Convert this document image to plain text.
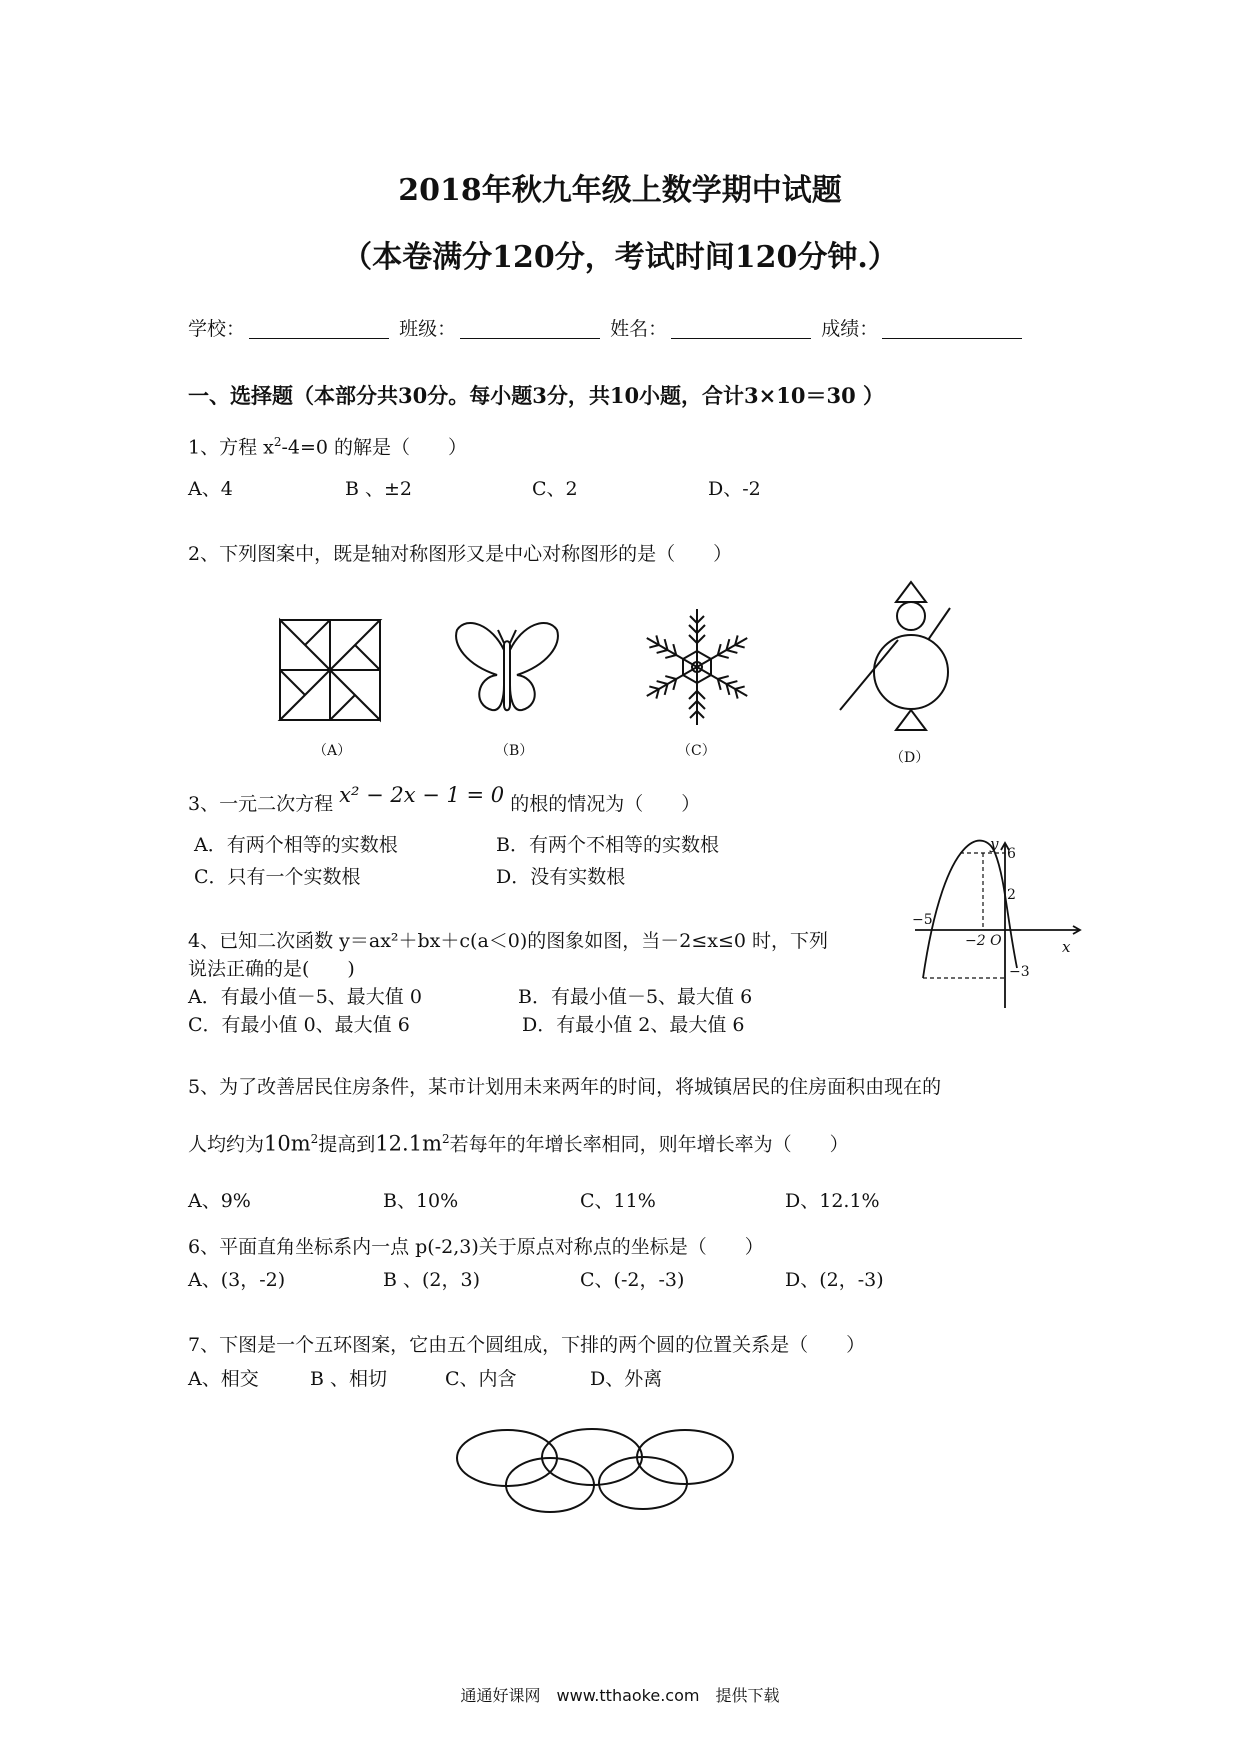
2018年秋九年级上数学期中试题
（本卷满分120分，考试时间120分钟.）
学校：	班级：	姓名：	成绩：
一、选择题（本部分共30分。每小题3分，共10小题，合计3×10＝30 ）
1、方程 $x^2-4=0$ 的解是（　　）
A、4	B 、±2	C、2	D、-2
2、下列图案中，既是轴对称图形又是中心对称图形的是（　　）
（A）	（B）	（C）	（D）
3、一元二次方程 x² − 2x − 1 = 0 的根的情况为（　　）
A．有两个相等的实数根	B．有两个不相等的实数根
C．只有一个实数根	D．没有实数根
y
x
6
2
−5
−2 O
−3
4、已知二次函数 y＝ax²＋bx＋c(a＜0)的图象如图，当－2≤x≤0 时，下列
说法正确的是(　　)
A．有最小值－5、最大值 0	B．有最小值－5、最大值 6
C．有最小值 0、最大值 6	D．有最小值 2、最大值 6
5、为了改善居民住房条件，某市计划用未来两年的时间，将城镇居民的住房面积由现在的
人均约为$10m^2$提高到$12.1m^2$若每年的年增长率相同，则年增长率为（　　）
A、9%	B、10%	C、11%	D、12.1%
6、平面直角坐标系内一点 p(-2,3)关于原点对称点的坐标是（　　）
A、(3，-2)	B 、(2，3)	C、(-2，-3)	D、(2，-3)
7、下图是一个五环图案，它由五个圆组成，下排的两个圆的位置关系是（　　）
A、相交	B 、相切	C、内含	D、外离
通通好课网　www.tthaoke.com　提供下载
